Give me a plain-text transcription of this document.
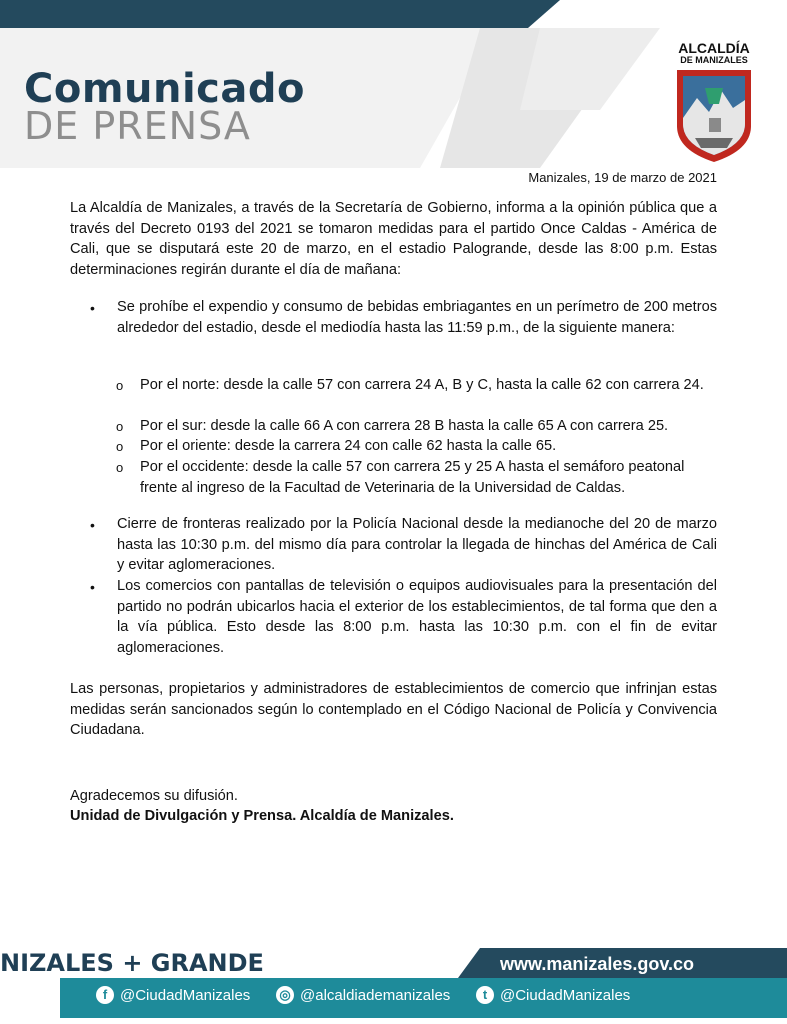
Comunicado
DE PRENSA
ALCALDÍA
DE MANIZALES
Manizales, 19 de marzo de 2021

La Alcaldía de Manizales, a través de la Secretaría de Gobierno, informa a la opinión pública que a través del Decreto 0193 del 2021 se tomaron medidas para el partido Once Caldas - América de Cali, que se disputará este 20 de marzo, en el estadio Palogrande, desde las 8:00 p.m. Estas determinaciones regirán durante el día de mañana:

• Se prohíbe el expendio y consumo de bebidas embriagantes en un perímetro de 200 metros alrededor del estadio, desde el mediodía hasta las 11:59 p.m., de la siguiente manera:

o Por el norte: desde la calle 57 con carrera 24 A, B y C, hasta la calle 62 con carrera 24.

o Por el sur: desde la calle 66 A con carrera 28 B hasta la calle 65 A con carrera 25.

o Por el oriente: desde la carrera 24 con calle 62 hasta la calle 65.

o Por el occidente: desde la calle 57 con carrera 25 y 25 A hasta el semáforo peatonal frente al ingreso de la Facultad de Veterinaria de la Universidad de Caldas.

• Cierre de fronteras realizado por la Policía Nacional desde la medianoche del 20 de marzo hasta las 10:30 p.m. del mismo día para controlar la llegada de hinchas del América de Cali y evitar aglomeraciones.

• Los comercios con pantallas de televisión o equipos audiovisuales para la presentación del partido no podrán ubicarlos hacia el exterior de los establecimientos, de tal forma que den a la vía pública. Esto desde las 8:00 p.m. hasta las 10:30 p.m. con el fin de evitar aglomeraciones.

Las personas, propietarios y administradores de establecimientos de comercio que infrinjan estas medidas serán sancionados según lo contemplado en el Código Nacional de Policía y Convivencia Ciudadana.

Agradecemos su difusión.

Unidad de Divulgación y Prensa. Alcaldía de Manizales.

NIZALES + GRANDE	www.manizales.gov.co
f @CiudadManizales ◎ @alcaldiademanizales	t @CiudadManizales
